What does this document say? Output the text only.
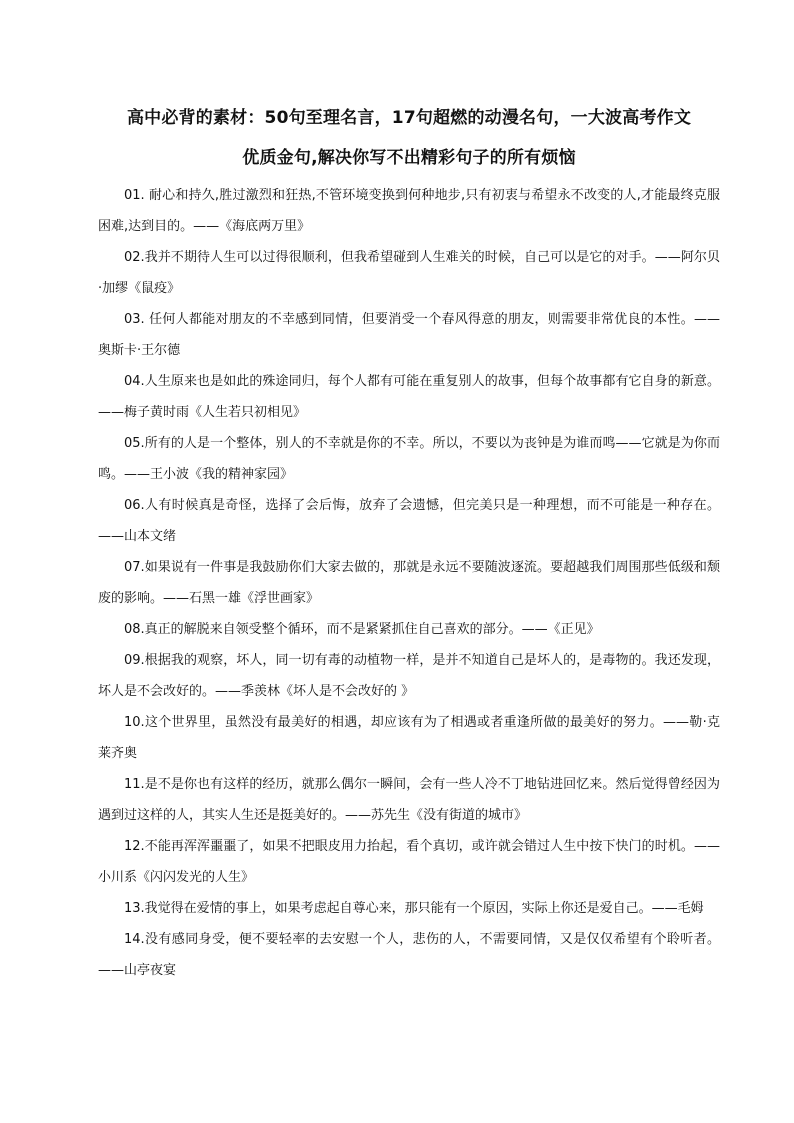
高中必背的素材：50句至理名言，17句超燃的动漫名句，一大波高考作文
优质金句,解决你写不出精彩句子的所有烦恼

01. 耐心和持久,胜过激烈和狂热,不管环境变换到何种地步,只有初衷与希望永不改变的人,才能最终克服困难,达到目的。——《海底两万里》

02.我并不期待人生可以过得很顺利，但我希望碰到人生难关的时候，自己可以是它的对手。——阿尔贝·加缪《鼠疫》

03. 任何人都能对朋友的不幸感到同情，但要消受一个春风得意的朋友，则需要非常优良的本性。——奥斯卡·王尔德

04.人生原来也是如此的殊途同归，每个人都有可能在重复别人的故事，但每个故事都有它自身的新意。——梅子黄时雨《人生若只初相见》

05.所有的人是一个整体，别人的不幸就是你的不幸。所以，不要以为丧钟是为谁而鸣——它就是为你而鸣。——王小波《我的精神家园》

06.人有时候真是奇怪，选择了会后悔，放弃了会遗憾，但完美只是一种理想，而不可能是一种存在。——山本文绪

07.如果说有一件事是我鼓励你们大家去做的，那就是永远不要随波逐流。要超越我们周围那些低级和颓废的影响。——石黑一雄《浮世画家》

08.真正的解脱来自领受整个循环，而不是紧紧抓住自己喜欢的部分。——《正见》

09.根据我的观察，坏人，同一切有毒的动植物一样，是并不知道自己是坏人的，是毒物的。我还发现，坏人是不会改好的。——季羡林《坏人是不会改好的 》

10.这个世界里，虽然没有最美好的相遇，却应该有为了相遇或者重逢所做的最美好的努力。——勒·克莱齐奥

11.是不是你也有这样的经历，就那么偶尔一瞬间，会有一些人冷不丁地钻进回忆来。然后觉得曾经因为遇到过这样的人，其实人生还是挺美好的。——苏先生《没有街道的城市》

12.不能再浑浑噩噩了，如果不把眼皮用力抬起，看个真切，或许就会错过人生中按下快门的时机。——小川系《闪闪发光的人生》

13.我觉得在爱情的事上，如果考虑起自尊心来，那只能有一个原因，实际上你还是爱自己。——毛姆

14.没有感同身受，便不要轻率的去安慰一个人，悲伤的人，不需要同情，又是仅仅希望有个聆听者。——山亭夜宴
